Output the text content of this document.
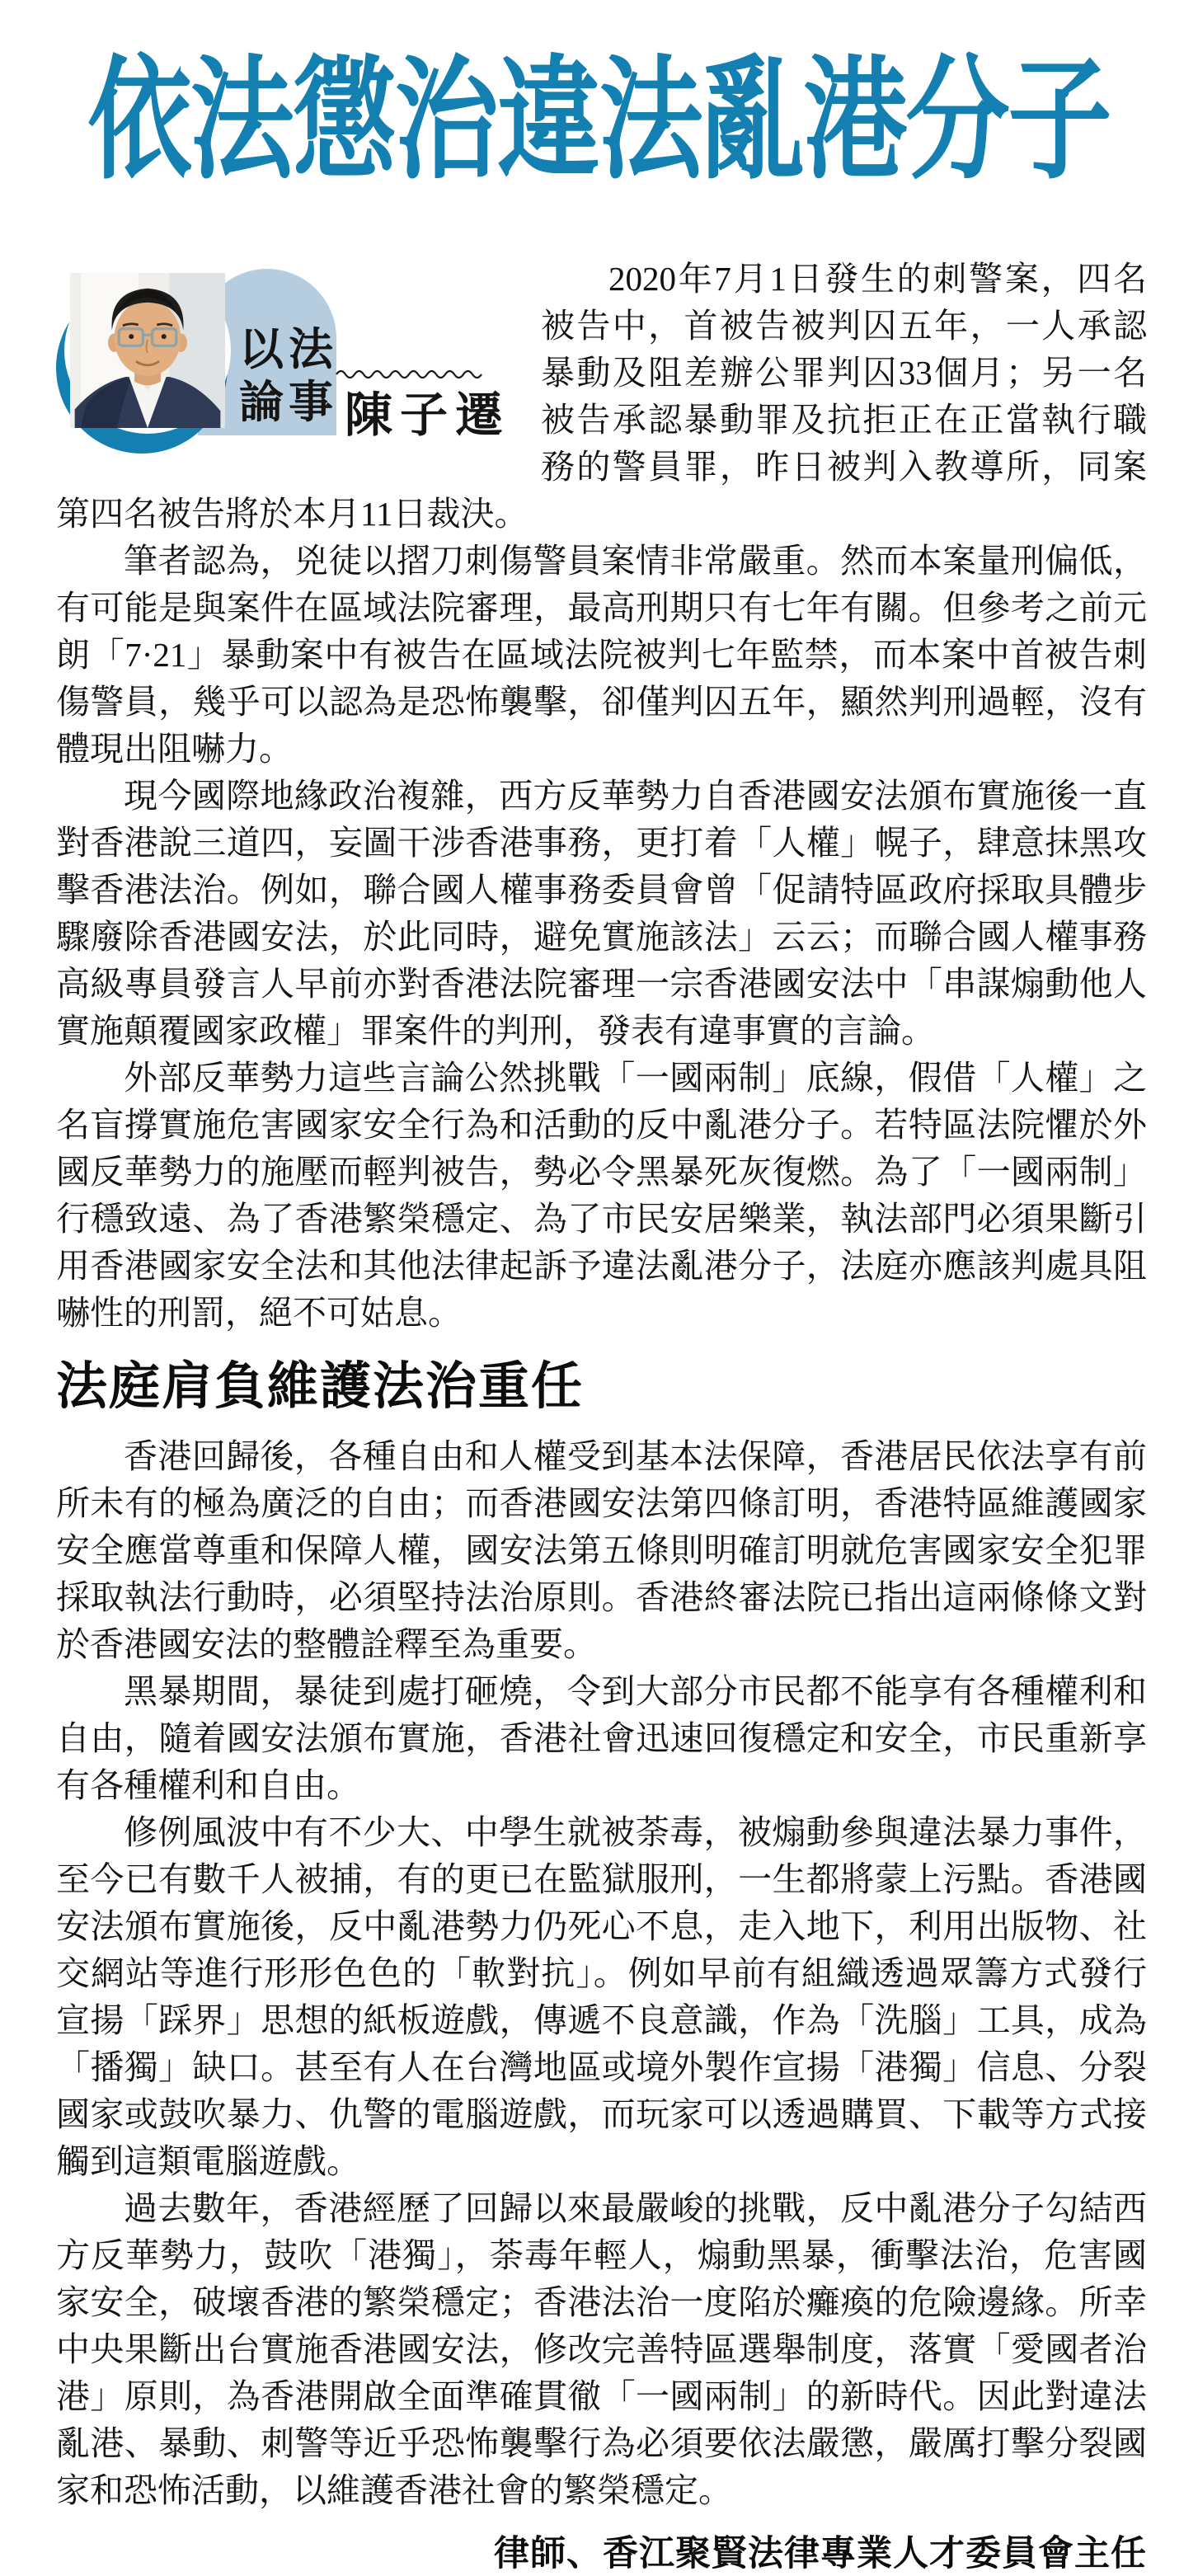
依法懲治違法亂港分子
以法
論事 陳子遷

2020年7月1日發生的刺警案，四名被告中，首被告被判囚五年，一人承認暴動及阻差辦公罪判囚33個月；另一名被告承認暴動罪及抗拒正在正當執行職務的警員罪，昨日被判入教導所，同案第四名被告將於本月11日裁決。

筆者認為，兇徒以摺刀刺傷警員案情非常嚴重。然而本案量刑偏低，有可能是與案件在區域法院審理，最高刑期只有七年有關。但參考之前元朗「7·21」暴動案中有被告在區域法院被判七年監禁，而本案中首被告刺傷警員，幾乎可以認為是恐怖襲擊，卻僅判囚五年，顯然判刑過輕，沒有體現出阻嚇力。

現今國際地緣政治複雜，西方反華勢力自香港國安法頒布實施後一直對香港說三道四，妄圖干涉香港事務，更打着「人權」幌子，肆意抹黑攻擊香港法治。例如，聯合國人權事務委員會曾「促請特區政府採取具體步驟廢除香港國安法，於此同時，避免實施該法」云云；而聯合國人權事務高級專員發言人早前亦對香港法院審理一宗香港國安法中「串謀煽動他人實施顛覆國家政權」罪案件的判刑，發表有違事實的言論。

外部反華勢力這些言論公然挑戰「一國兩制」底線，假借「人權」之名盲撐實施危害國家安全行為和活動的反中亂港分子。若特區法院懼於外國反華勢力的施壓而輕判被告，勢必令黑暴死灰復燃。為了「一國兩制」行穩致遠、為了香港繁榮穩定、為了市民安居樂業，執法部門必須果斷引用香港國家安全法和其他法律起訴予違法亂港分子，法庭亦應該判處具阻嚇性的刑罰，絕不可姑息。

法庭肩負維護法治重任

香港回歸後，各種自由和人權受到基本法保障，香港居民依法享有前所未有的極為廣泛的自由；而香港國安法第四條訂明，香港特區維護國家安全應當尊重和保障人權，國安法第五條則明確訂明就危害國家安全犯罪採取執法行動時，必須堅持法治原則。香港終審法院已指出這兩條條文對於香港國安法的整體詮釋至為重要。

黑暴期間，暴徒到處打砸燒，令到大部分市民都不能享有各種權利和自由，隨着國安法頒布實施，香港社會迅速回復穩定和安全，市民重新享有各種權利和自由。

修例風波中有不少大、中學生就被荼毒，被煽動參與違法暴力事件，至今已有數千人被捕，有的更已在監獄服刑，一生都將蒙上污點。香港國安法頒布實施後，反中亂港勢力仍死心不息，走入地下，利用出版物、社交網站等進行形形色色的「軟對抗」。例如早前有組織透過眾籌方式發行宣揚「踩界」思想的紙板遊戲，傳遞不良意識，作為「洗腦」工具，成為「播獨」缺口。甚至有人在台灣地區或境外製作宣揚「港獨」信息、分裂國家或鼓吹暴力、仇警的電腦遊戲，而玩家可以透過購買、下載等方式接觸到這類電腦遊戲。

過去數年，香港經歷了回歸以來最嚴峻的挑戰，反中亂港分子勾結西方反華勢力，鼓吹「港獨」，荼毒年輕人，煽動黑暴，衝擊法治，危害國家安全，破壞香港的繁榮穩定；香港法治一度陷於癱瘓的危險邊緣。所幸中央果斷出台實施香港國安法，修改完善特區選舉制度，落實「愛國者治港」原則，為香港開啟全面準確貫徹「一國兩制」的新時代。因此對違法亂港、暴動、刺警等近乎恐怖襲擊行為必須要依法嚴懲，嚴厲打擊分裂國家和恐怖活動，以維護香港社會的繁榮穩定。

律師、香江聚賢法律專業人才委員會主任
